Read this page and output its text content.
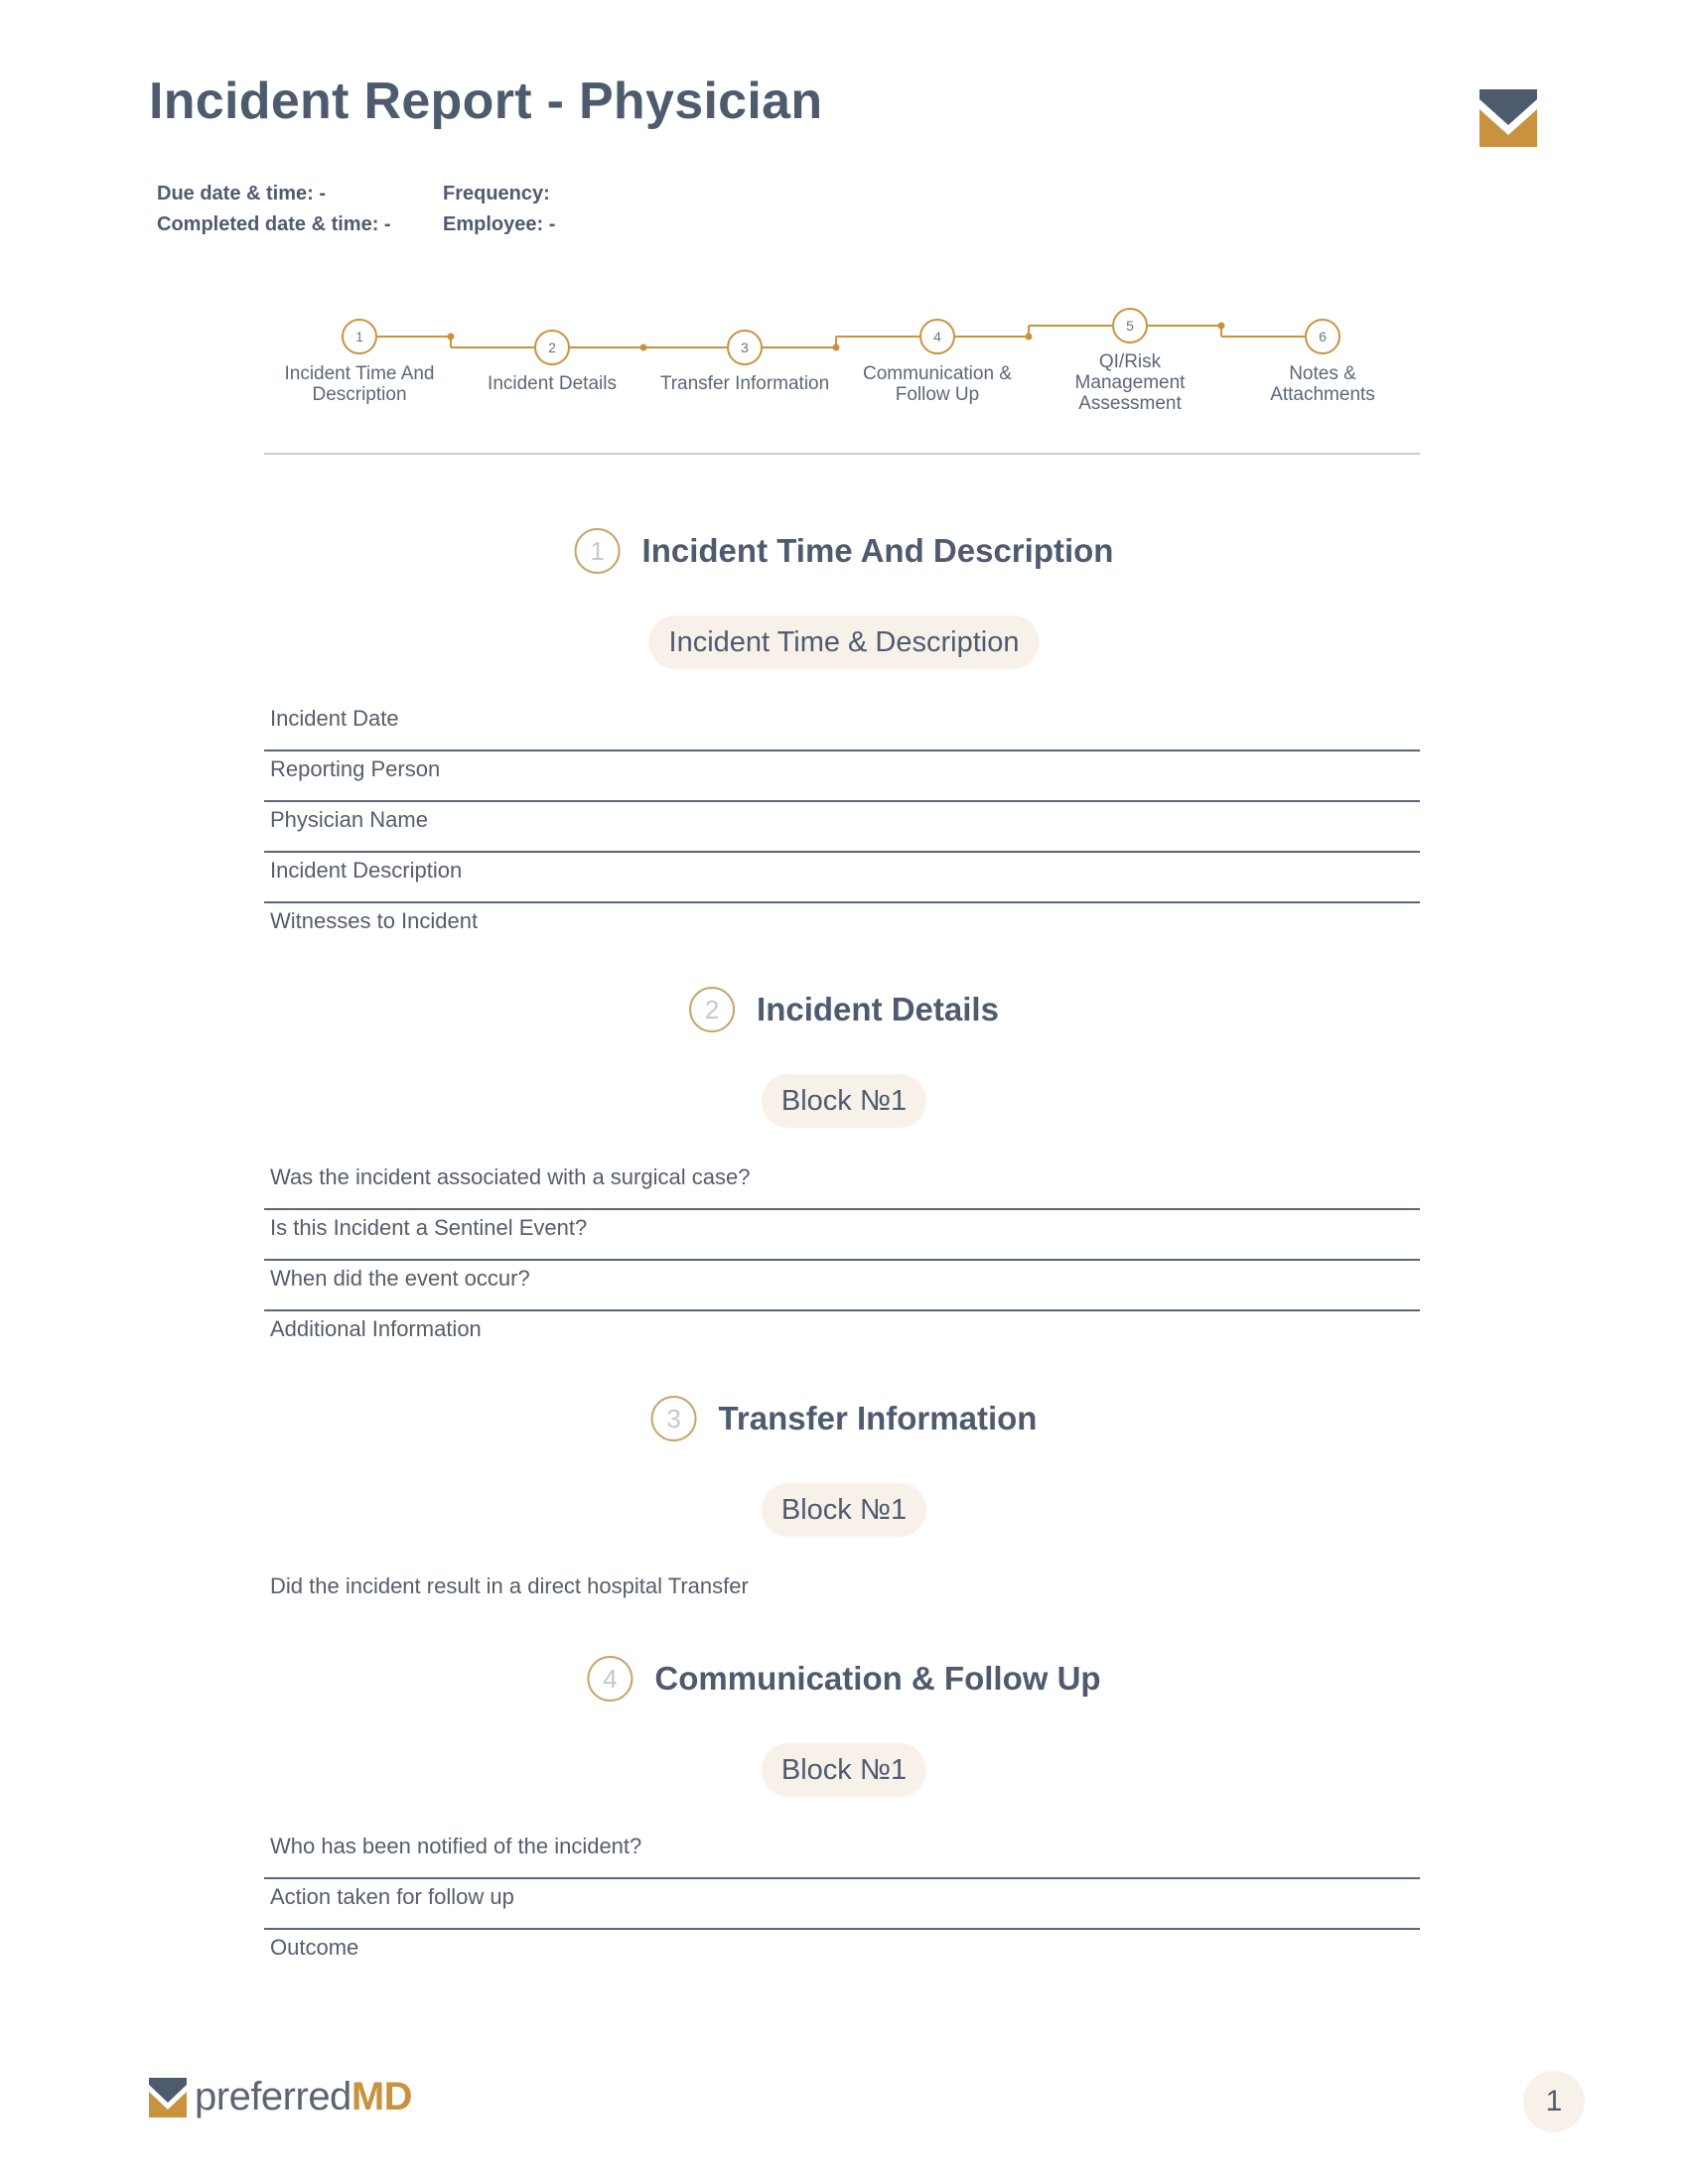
Incident Report - Physician
Due date & time: -
Completed date & time: -
Frequency:
Employee: -
1
2	3
4
5
6
Incident Time And
Description
Incident Details	Transfer Information	Communication &
Follow Up
QI/Risk
Management
Assessment
Notes &
Attachments
1	Incident Time And Description
Incident Time & Description
Incident Date
Reporting Person
Physician Name
Incident Description
Witnesses to Incident
2	Incident Details
Block №1
Was the incident associated with a surgical case?
Is this Incident a Sentinel Event?
When did the event occur?
Additional Information
3	Transfer Information
Block №1
Did the incident result in a direct hospital Transfer
4	Communication & Follow Up
Block №1
Who has been notified of the incident?
Action taken for follow up
Outcome
preferredMD	1
